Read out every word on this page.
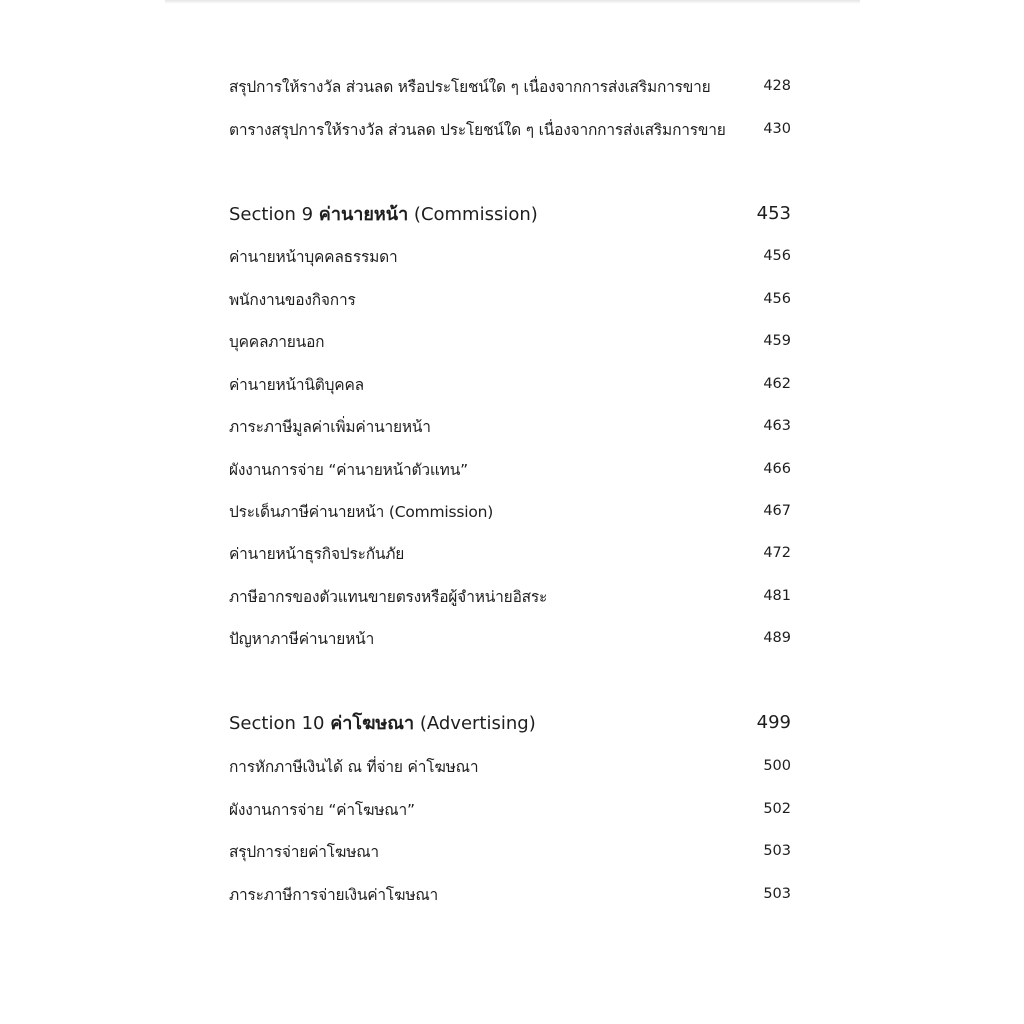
สรุปการให้รางวัล ส่วนลด หรือประโยชน์ใด ๆ เนื่องจากการส่งเสริมการขาย	428
ตารางสรุปการให้รางวัล ส่วนลด ประโยชน์ใด ๆ เนื่องจากการส่งเสริมการขาย	430
Section 9 ค่านายหน้า (Commission)	453
ค่านายหน้าบุคคลธรรมดา	456
พนักงานของกิจการ	456
บุคคลภายนอก	459
ค่านายหน้านิติบุคคล	462
ภาระภาษีมูลค่าเพิ่มค่านายหน้า	463
ผังงานการจ่าย “ค่านายหน้าตัวแทน”	466
ประเด็นภาษีค่านายหน้า (Commission)	467
ค่านายหน้าธุรกิจประกันภัย	472
ภาษีอากรของตัวแทนขายตรงหรือผู้จำหน่ายอิสระ	481
ปัญหาภาษีค่านายหน้า	489
Section 10 ค่าโฆษณา (Advertising)	499
การหักภาษีเงินได้ ณ ที่จ่าย ค่าโฆษณา	500
ผังงานการจ่าย “ค่าโฆษณา”	502
สรุปการจ่ายค่าโฆษณา	503
ภาระภาษีการจ่ายเงินค่าโฆษณา	503
